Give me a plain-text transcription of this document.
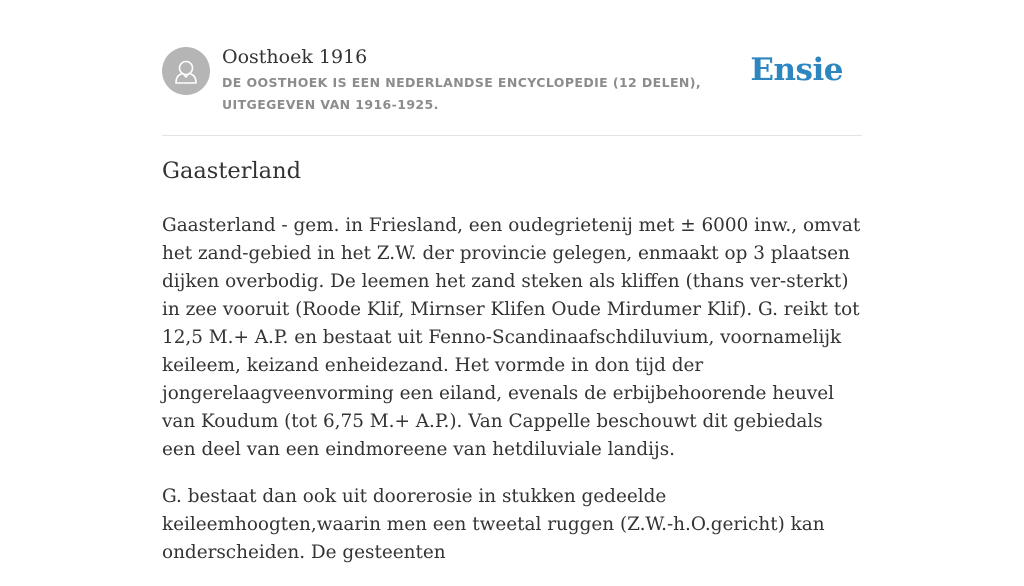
Oosthoek 1916
DE OOSTHOEK IS EEN NEDERLANDSE ENCYCLOPEDIE (12 DELEN), UITGEGEVEN VAN 1916-1925.
Ensie
Gaasterland

Gaasterland - gem. in Friesland, een oudegrietenij met ± 6000 inw., omvat het zand-gebied in het Z.W. der provincie gelegen, enmaakt op 3 plaatsen dijken overbodig. De leemen het zand steken als kliffen (thans ver-sterkt) in zee vooruit (Roode Klif, Mirnser Klifen Oude Mirdumer Klif). G. reikt tot 12,5 M.+ A.P. en bestaat uit Fenno-Scandinaafschdiluvium, voornamelijk keileem, keizand enheidezand. Het vormde in don tijd der jongerelaagveenvorming een eiland, evenals de erbijbehoorende heuvel van Koudum (tot 6,75 M.+ A.P.). Van Cappelle beschouwt dit gebiedals een deel van een eindmoreene van hetdiluviale landijs.

G. bestaat dan ook uit doorerosie in stukken gedeelde keileemhoogten,waarin men een tweetal ruggen (Z.W.-h.O.gericht) kan onderscheiden. De gesteenten
